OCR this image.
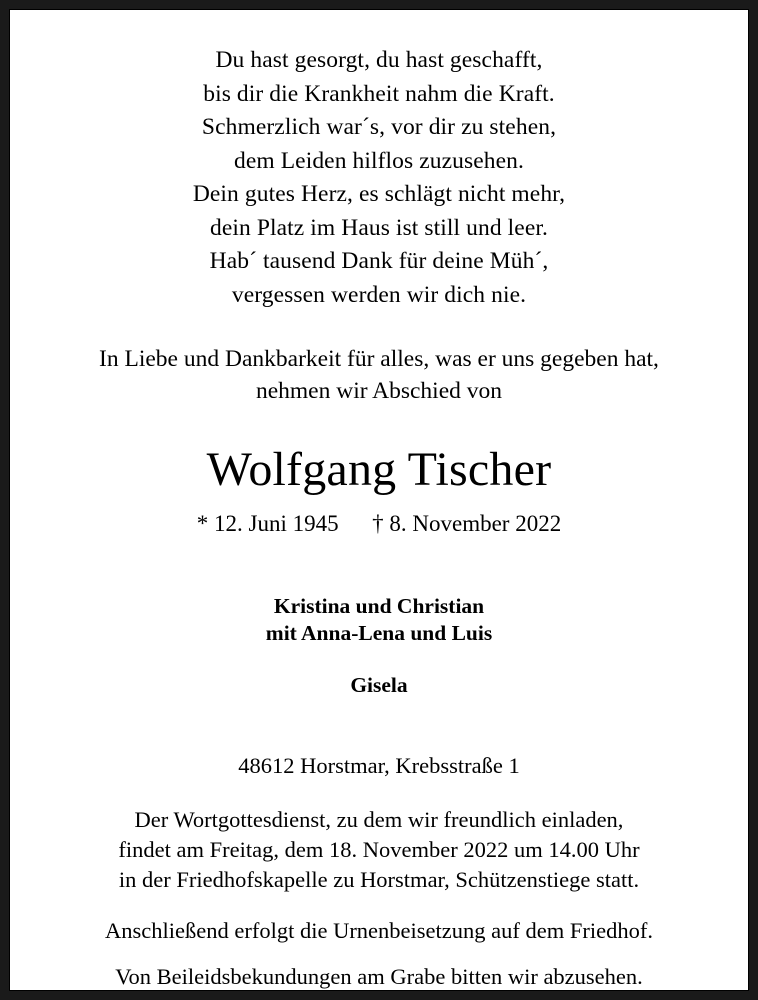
Du hast gesorgt, du hast geschafft,
bis dir die Krankheit nahm die Kraft.
Schmerzlich war´s, vor dir zu stehen,
dem Leiden hilflos zuzusehen.
Dein gutes Herz, es schlägt nicht mehr,
dein Platz im Haus ist still und leer.
Hab´ tausend Dank für deine Müh´,
vergessen werden wir dich nie.
In Liebe und Dankbarkeit für alles, was er uns gegeben hat,
nehmen wir Abschied von
Wolfgang Tischer
* 12. Juni 1945 † 8. November 2022
Kristina und Christian
mit Anna-Lena und Luis
Gisela
48612 Horstmar, Krebsstraße 1
Der Wortgottesdienst, zu dem wir freundlich einladen,
findet am Freitag, dem 18. November 2022 um 14.00 Uhr
in der Friedhofskapelle zu Horstmar, Schützenstiege statt.
Anschließend erfolgt die Urnenbeisetzung auf dem Friedhof.
Von Beileidsbekundungen am Grabe bitten wir abzusehen.
